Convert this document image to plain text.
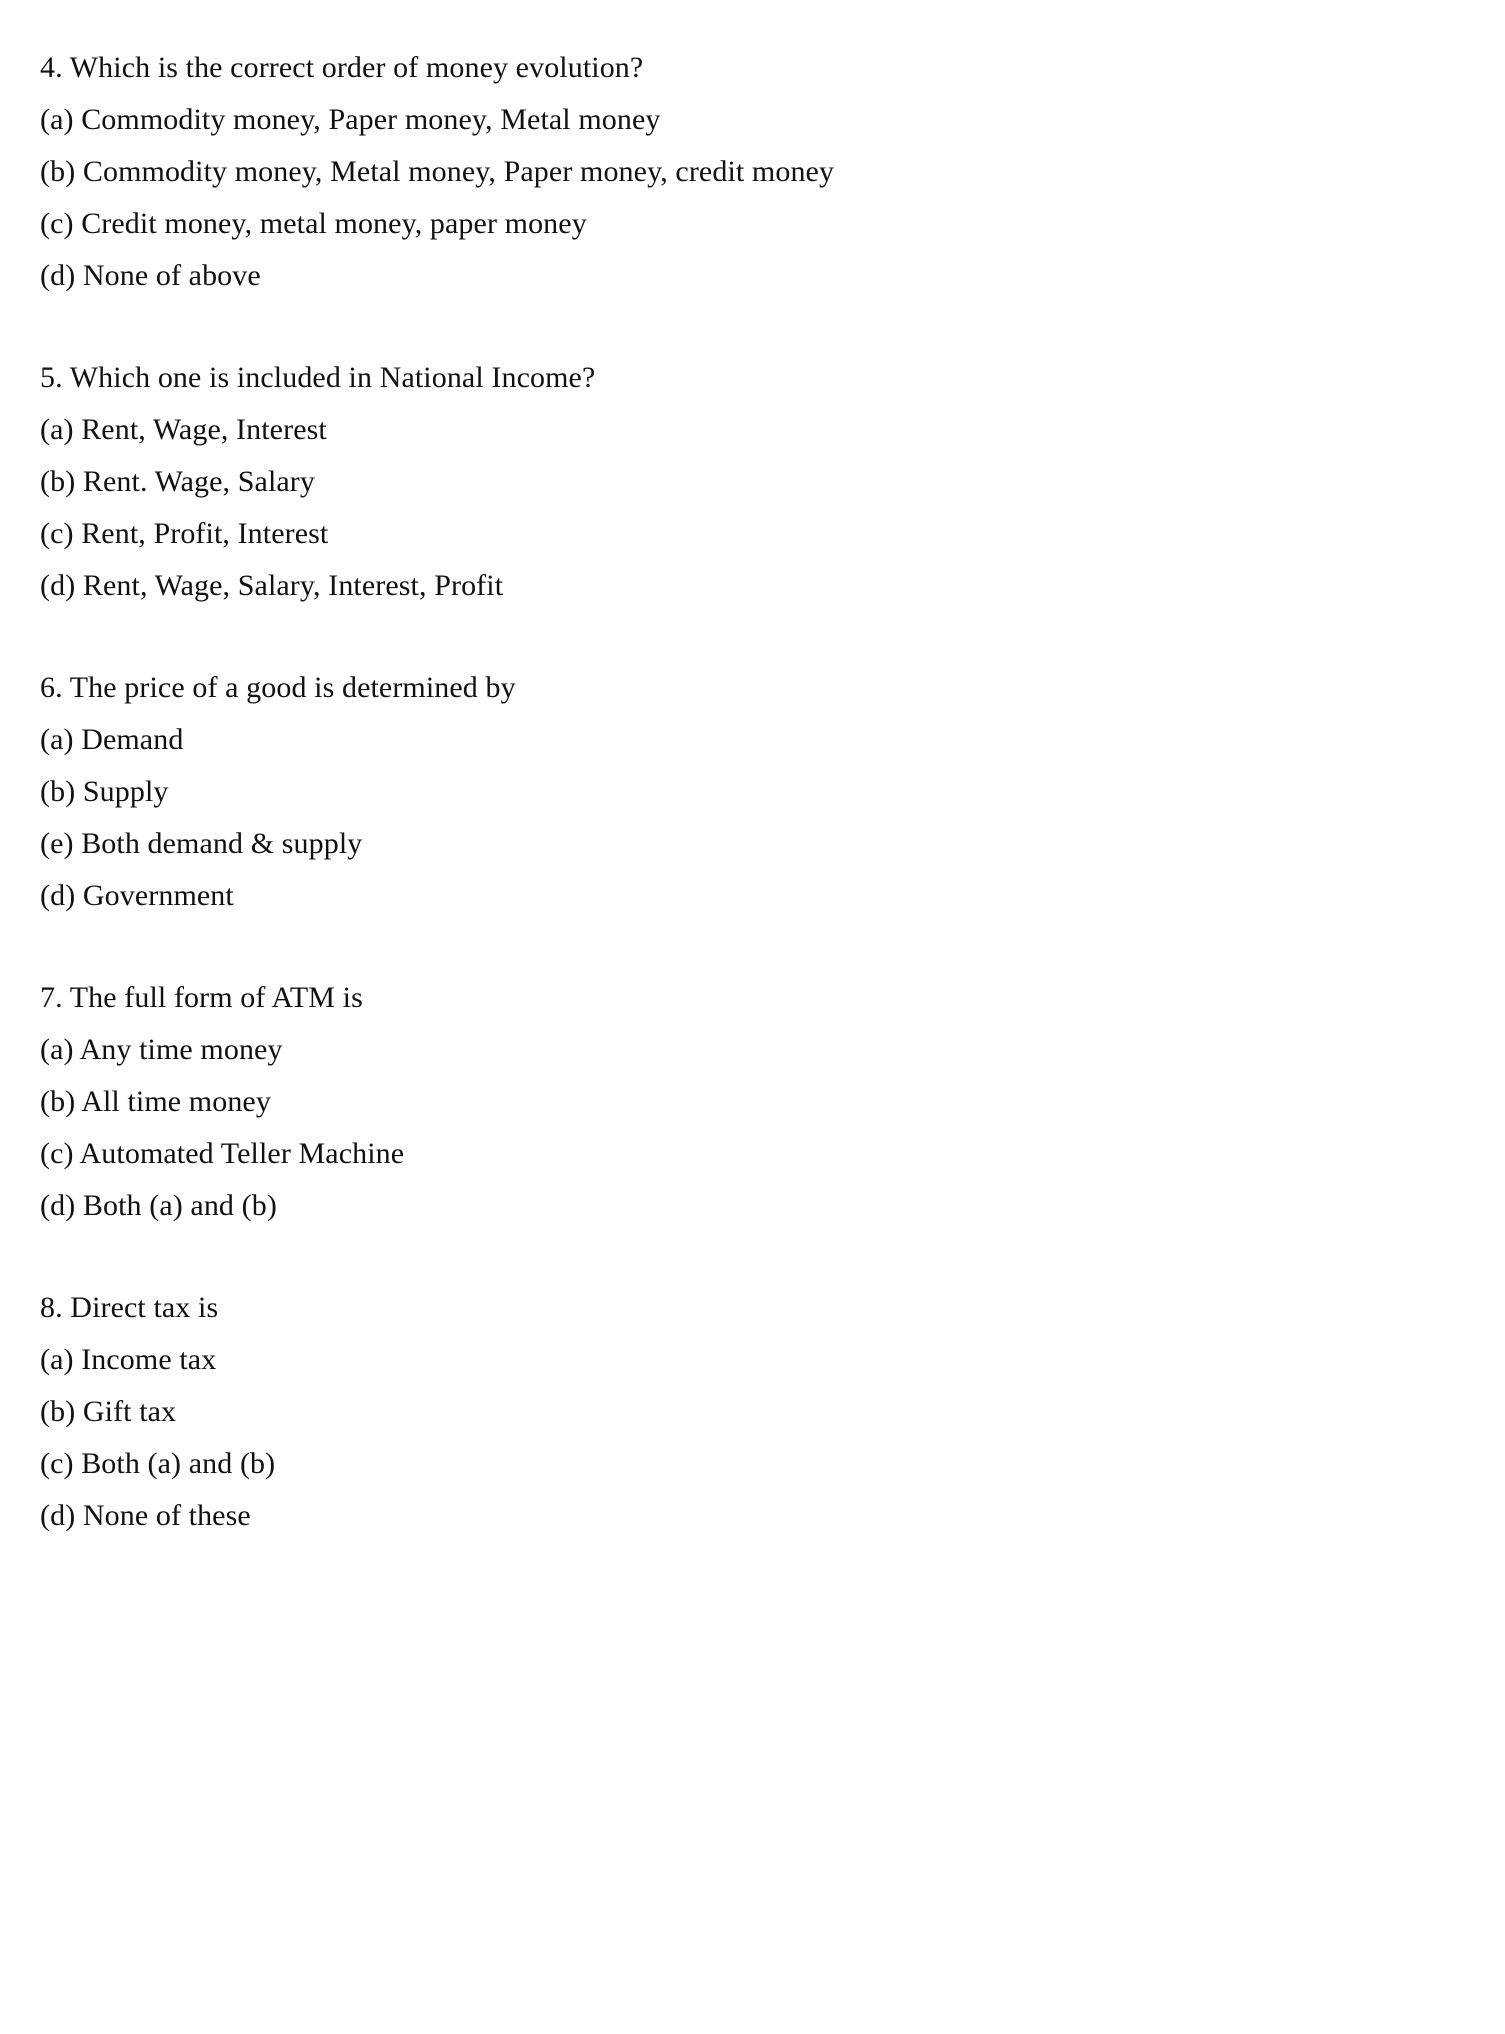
4. Which is the correct order of money evolution?
(a) Commodity money, Paper money, Metal money
(b) Commodity money, Metal money, Paper money, credit money
(c) Credit money, metal money, paper money
(d) None of above
5. Which one is included in National Income?
(a) Rent, Wage, Interest
(b) Rent. Wage, Salary
(c) Rent, Profit, Interest
(d) Rent, Wage, Salary, Interest, Profit
6. The price of a good is determined by
(a) Demand
(b) Supply
(e) Both demand & supply
(d) Government
7. The full form of ATM is
(a) Any time money
(b) All time money
(c) Automated Teller Machine
(d) Both (a) and (b)
8. Direct tax is
(a) Income tax
(b) Gift tax
(c) Both (a) and (b)
(d) None of these
